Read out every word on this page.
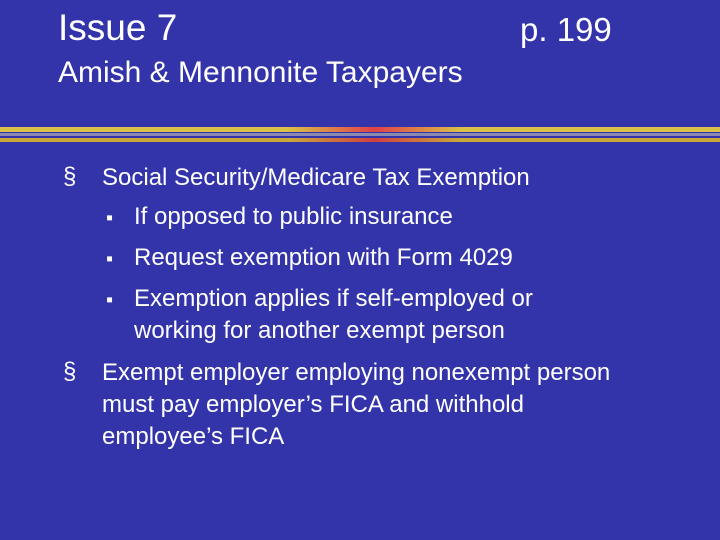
Issue 7	p. 199
Amish & Mennonite Taxpayers
§ Social Security/Medicare Tax Exemption
▪ If opposed to public insurance
▪ Request exemption with Form 4029
▪ Exemption applies if self-employed or working for another exempt person
§ Exempt employer employing nonexempt person must pay employer’s FICA and withhold employee’s FICA
